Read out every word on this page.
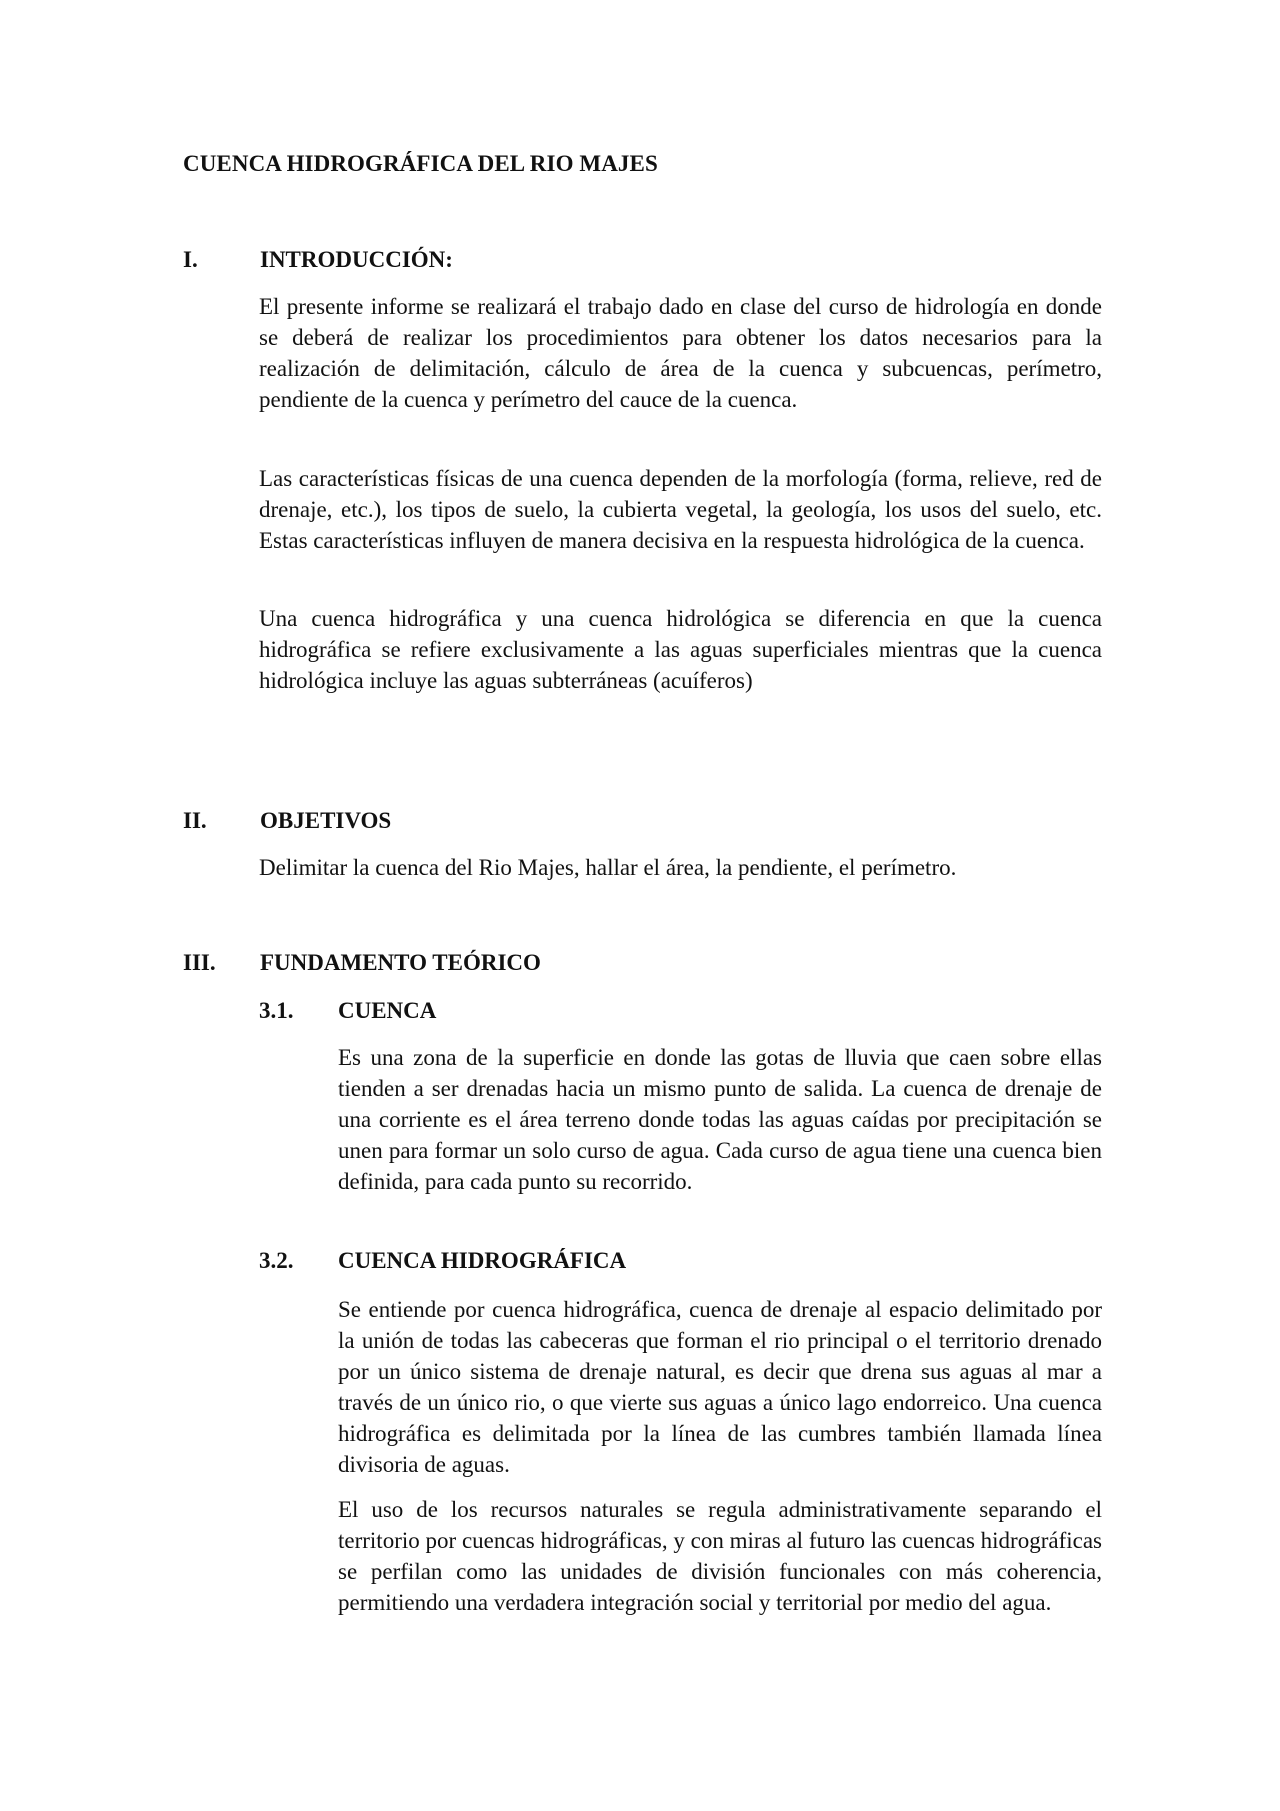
CUENCA HIDROGRÁFICA DEL RIO MAJES
I.	INTRODUCCIÓN:

El presente informe se realizará el trabajo dado en clase del curso de hidrología en donde se deberá de realizar los procedimientos para obtener los datos necesarios para la realización de delimitación, cálculo de área de la cuenca y subcuencas, perímetro, pendiente de la cuenca y perímetro del cauce de la cuenca.

Las características físicas de una cuenca dependen de la morfología (forma, relieve, red de drenaje, etc.), los tipos de suelo, la cubierta vegetal, la geología, los usos del suelo, etc. Estas características influyen de manera decisiva en la respuesta hidrológica de la cuenca.

Una cuenca hidrográfica y una cuenca hidrológica se diferencia en que la cuenca hidrográfica se refiere exclusivamente a las aguas superficiales mientras que la cuenca hidrológica incluye las aguas subterráneas (acuíferos)

II. OBJETIVOS

Delimitar la cuenca del Rio Majes, hallar el área, la pendiente, el perímetro.

III. FUNDAMENTO TEÓRICO
3.1. CUENCA

Es una zona de la superficie en donde las gotas de lluvia que caen sobre ellas tienden a ser drenadas hacia un mismo punto de salida. La cuenca de drenaje de una corriente es el área terreno donde todas las aguas caídas por precipitación se unen para formar un solo curso de agua. Cada curso de agua tiene una cuenca bien definida, para cada punto su recorrido.

3.2. CUENCA HIDROGRÁFICA

Se entiende por cuenca hidrográfica, cuenca de drenaje al espacio delimitado por la unión de todas las cabeceras que forman el rio principal o el territorio drenado por un único sistema de drenaje natural, es decir que drena sus aguas al mar a través de un único rio, o que vierte sus aguas a único lago endorreico. Una cuenca hidrográfica es delimitada por la línea de las cumbres también llamada línea divisoria de aguas.

El uso de los recursos naturales se regula administrativamente separando el territorio por cuencas hidrográficas, y con miras al futuro las cuencas hidrográficas se perfilan como las unidades de división funcionales con más coherencia, permitiendo una verdadera integración social y territorial por medio del agua.
